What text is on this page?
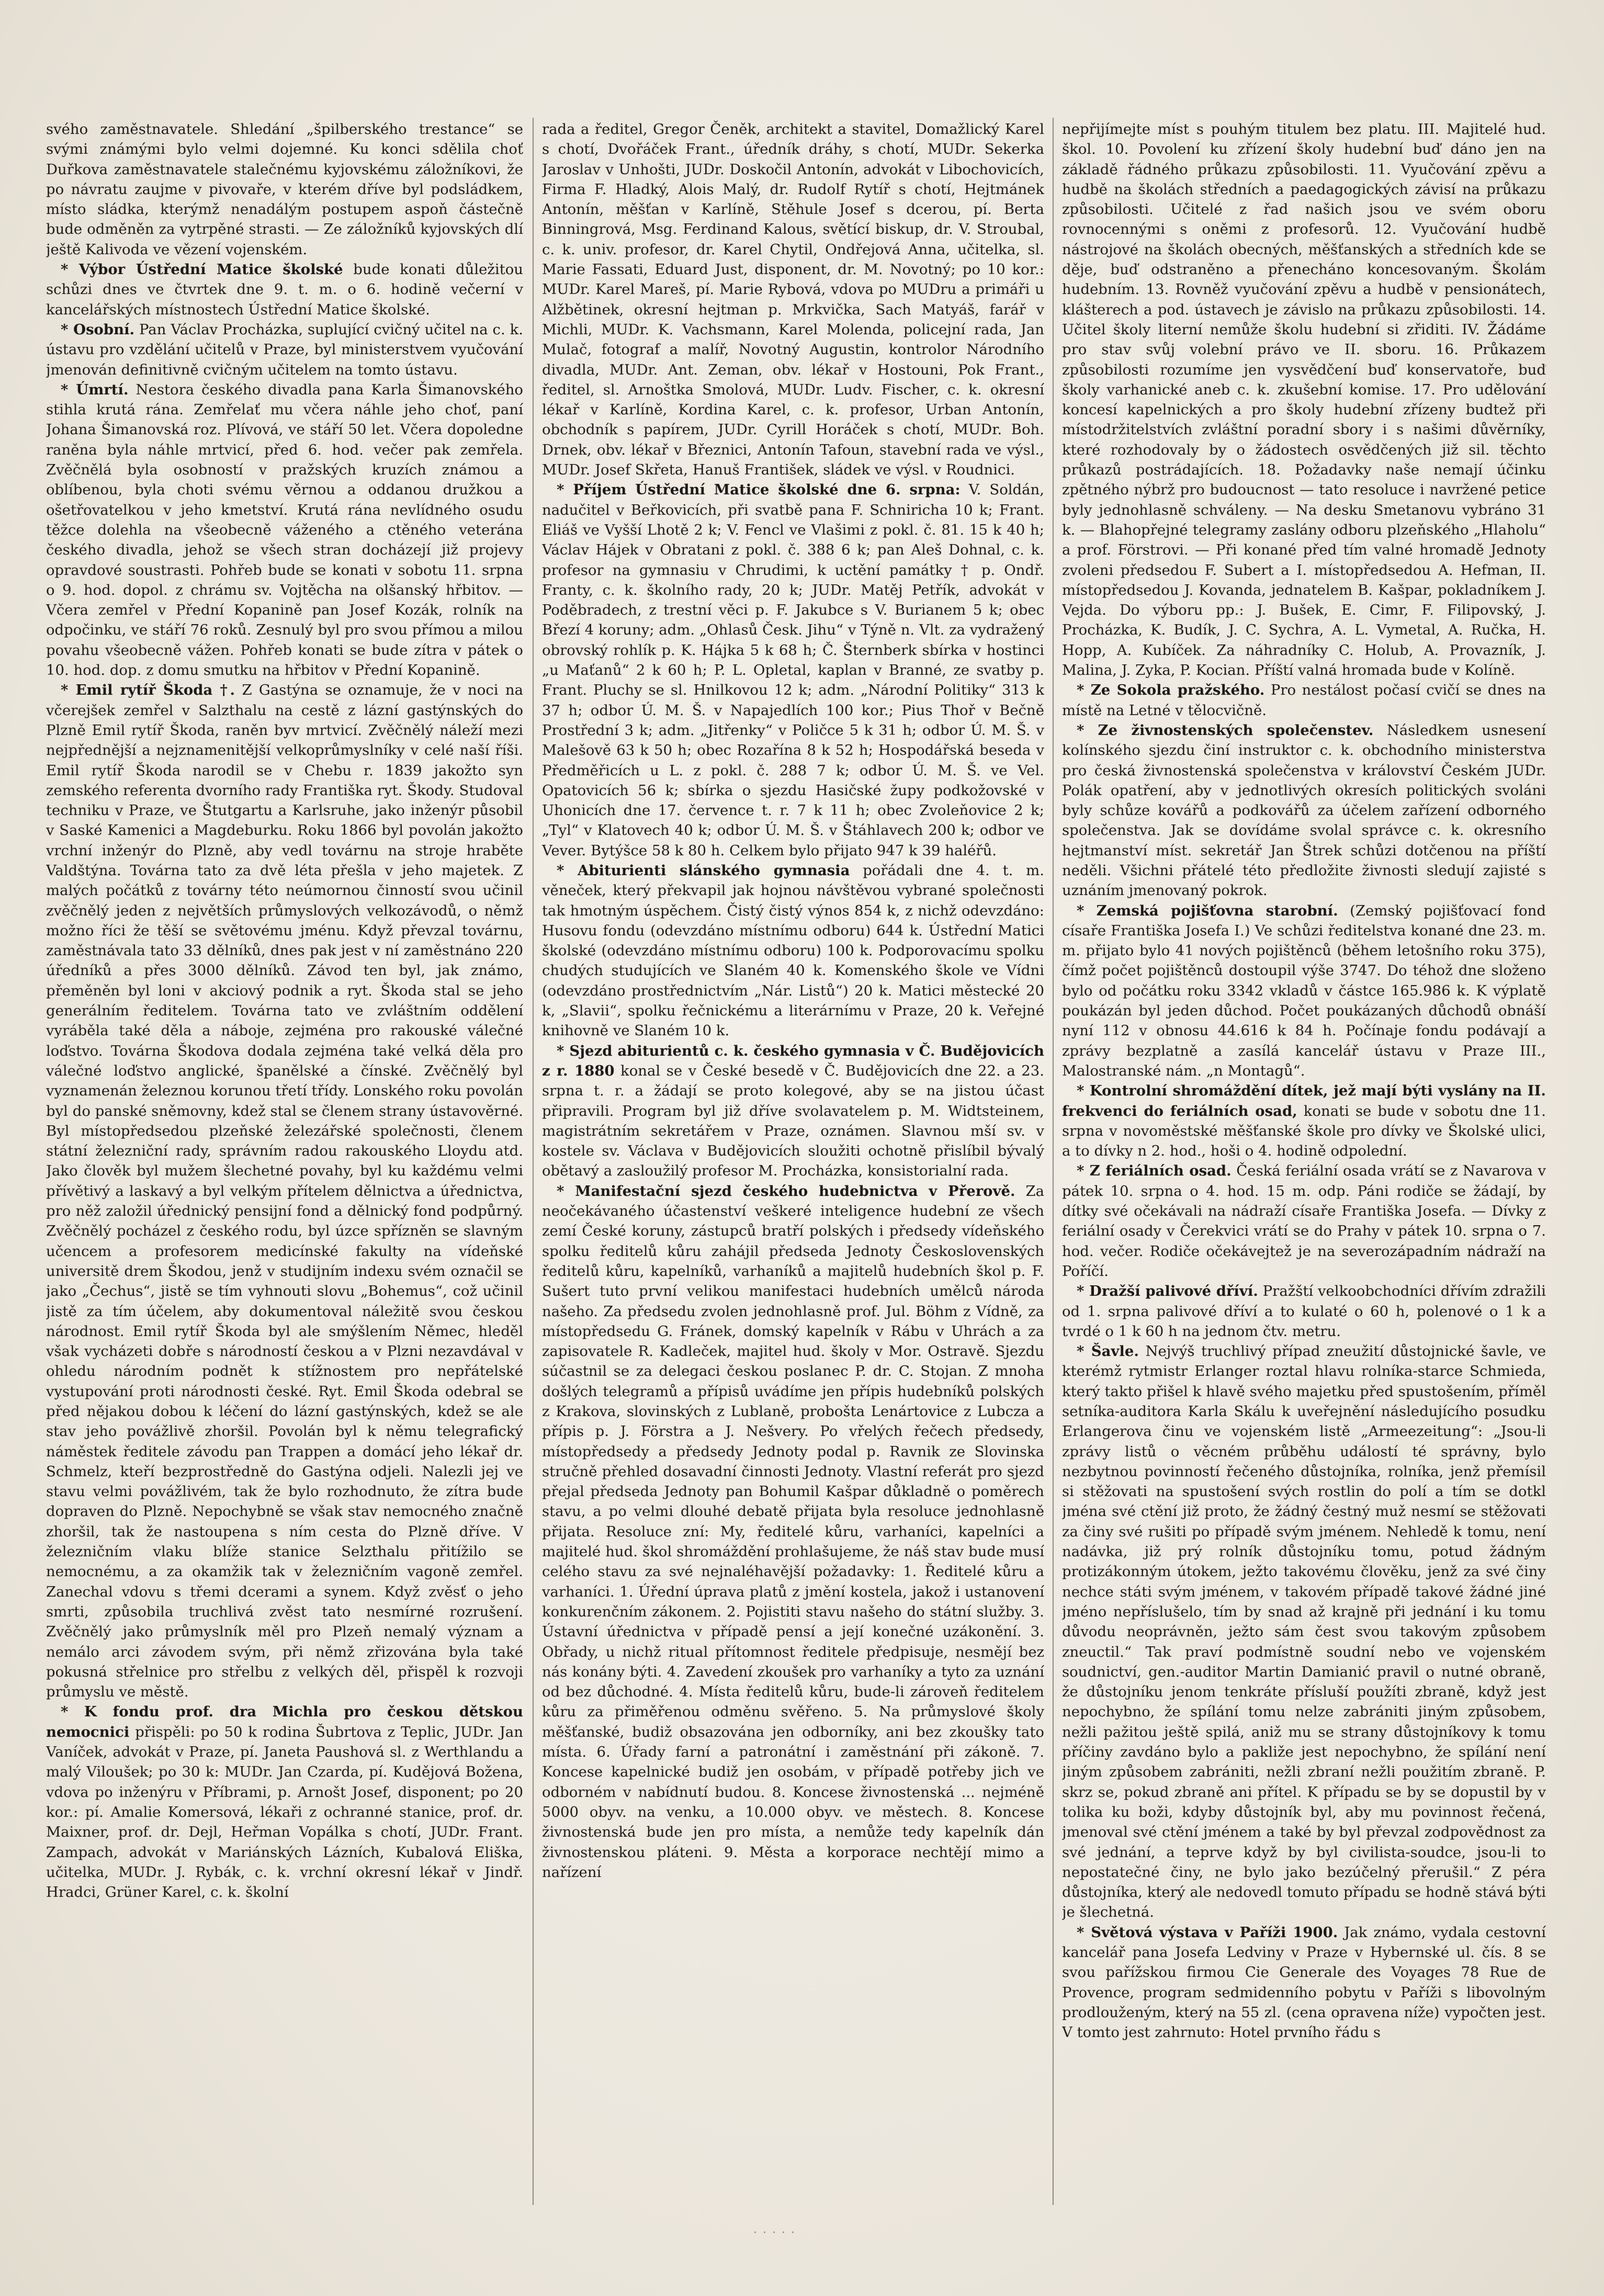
svého zaměstnavatele. Shledání „špilberského trestance“ se svými známými bylo velmi dojemné. Ku konci sdělila choť Duřkova zaměstnavatele stalečnému kyjovskému záložníkovi, že po návratu zaujme v pivovaře, v kterém dříve byl podsládkem, místo sládka, kterýmž nenadálým postupem aspoň částečně bude odměněn za vytrpěné strasti. — Ze záložníků kyjovských dlí ještě Kalivoda ve vězení vojenském.

* Výbor Ústřední Matice školské bude konati důležitou schůzi dnes ve čtvrtek dne 9. t. m. o 6. hodině večerní v kancelářských místnostech Ústřední Matice školské.

* Osobní. Pan Václav Procházka, suplující cvičný učitel na c. k. ústavu pro vzdělání učitelů v Praze, byl ministerstvem vyučování jmenován definitivně cvičným učitelem na tomto ústavu.

* Úmrtí. Nestora českého divadla pana Karla Šimanovského stihla krutá rána. Zemřelať mu včera náhle jeho choť, paní Johana Šimanovská roz. Plívová, ve stáří 50 let. Včera dopoledne raněna byla náhle mrtvicí, před 6. hod. večer pak zemřela. Zvěčnělá byla osobností v pražských kruzích známou a oblíbenou, byla choti svému věrnou a oddanou družkou a ošetřovatelkou v jeho kmetství. Krutá rána nevlídného osudu těžce dolehla na všeobecně váženého a ctěného veterána českého divadla, jehož se všech stran docházejí již projevy opravdové soustrasti. Pohřeb bude se konati v sobotu 11. srpna o 9. hod. dopol. z chrámu sv. Vojtěcha na olšanský hřbitov. — Včera zemřel v Přední Kopanině pan Josef Kozák, rolník na odpočinku, ve stáří 76 roků. Zesnulý byl pro svou přímou a milou povahu všeobecně vážen. Pohřeb konati se bude zítra v pátek o 10. hod. dop. z domu smutku na hřbitov v Přední Kopanině.

* Emil rytíř Škoda †. Z Gastýna se oznamuje, že v noci na včerejšek zemřel v Salzthalu na cestě z lázní gastýnských do Plzně Emil rytíř Škoda, raněn byv mrtvicí. Zvěčnělý náleží mezi nejpřednější a nejznamenitější velkoprůmyslníky v celé naší říši. Emil rytíř Škoda narodil se v Chebu r. 1839 jakožto syn zemského referenta dvorního rady Františka ryt. Škody. Studoval techniku v Praze, ve Štutgartu a Karlsruhe, jako inženýr působil v Saské Kamenici a Magdeburku. Roku 1866 byl povolán jakožto vrchní inženýr do Plzně, aby vedl továrnu na stroje hraběte Valdštýna. Továrna tato za dvě léta přešla v jeho majetek. Z malých počátků z továrny této neúmornou činností svou učinil zvěčnělý jeden z největších průmyslových velkozávodů, o němž možno říci že těší se světovému jménu. Když převzal továrnu, zaměstnávala tato 33 dělníků, dnes pak jest v ní zaměstnáno 220 úředníků a přes 3000 dělníků. Závod ten byl, jak známo, přeměněn byl loni v akciový podnik a ryt. Škoda stal se jeho generálním ředitelem. Továrna tato ve zvláštním oddělení vyráběla také děla a náboje, zejména pro rakouské válečné loďstvo. Továrna Škodova dodala zejména také velká děla pro válečné loďstvo anglické, španělské a čínské. Zvěčnělý byl vyznamenán železnou korunou třetí třídy. Lonského roku povolán byl do panské sněmovny, kdež stal se členem strany ústavověrné. Byl místopředsedou plzeňské železářské společnosti, členem státní železniční rady, správním radou rakouského Lloydu atd. Jako člověk byl mužem šlechetné povahy, byl ku každému velmi přívětivý a laskavý a byl velkým přítelem dělnictva a úřednictva, pro něž založil úřednický pensijní fond a dělnický fond podpůrný. Zvěčnělý pocházel z českého rodu, byl úzce spřízněn se slavným učencem a profesorem medicínské fakulty na vídeňské universitě drem Škodou, jenž v studijním indexu svém označil se jako „Čechus“, jistě se tím vyhnouti slovu „Bohemus“, což učinil jistě za tím účelem, aby dokumentoval náležitě svou českou národnost. Emil rytíř Škoda byl ale smýšlením Němec, hleděl však vycházeti dobře s národností českou a v Plzni nezavdával v ohledu národním podnět k stížnostem pro nepřátelské vystupování proti národnosti české. Ryt. Emil Škoda odebral se před nějakou dobou k léčení do lázní gastýnských, kdež se ale stav jeho povážlivě zhoršil. Povolán byl k němu telegrafický náměstek ředitele závodu pan Trappen a domácí jeho lékař dr. Schmelz, kteří bezprostředně do Gastýna odjeli. Nalezli jej ve stavu velmi povážlivém, tak že bylo rozhodnuto, že zítra bude dopraven do Plzně. Nepochybně se však stav nemocného značně zhoršil, tak že nastoupena s ním cesta do Plzně dříve. V železničním vlaku blíže stanice Selzthalu přitížilo se nemocnému, a za okamžik tak v železničním vagoně zemřel. Zanechal vdovu s třemi dcerami a synem. Když zvěsť o jeho smrti, způsobila truchlivá zvěst tato nesmírné rozrušení. Zvěčnělý jako průmyslník měl pro Plzeň nemalý význam a nemálo arci závodem svým, při němž zřizována byla také pokusná střelnice pro střelbu z velkých děl, přispěl k rozvoji průmyslu ve městě.

* K fondu prof. dra Michla pro českou dětskou nemocnici přispěli: po 50 k rodina Šubrtova z Teplic, JUDr. Jan Vaníček, advokát v Praze, pí. Janeta Paushová sl. z Werthlandu a malý Viloušek; po 30 k: MUDr. Jan Czarda, pí. Kudějová Božena, vdova po inženýru v Příbrami, p. Arnošt Josef, disponent; po 20 kor.: pí. Amalie Komersová, lékaři z ochranné stanice, prof. dr. Maixner, prof. dr. Dejl, Heřman Vopálka s chotí, JUDr. Frant. Zampach, advokát v Mariánských Lázních, Kubalová Eliška, učitelka, MUDr. J. Rybák, c. k. vrchní okresní lékař v Jindř. Hradci, Grüner Karel, c. k. školní

rada a ředitel, Gregor Čeněk, architekt a stavitel, Domažlický Karel s chotí, Dvořáček Frant., úředník dráhy, s chotí, MUDr. Sekerka Jaroslav v Unhošti, JUDr. Doskočil Antonín, advokát v Libochovicích, Firma F. Hladký, Alois Malý, dr. Rudolf Rytíř s chotí, Hejtmánek Antonín, měšťan v Karlíně, Stěhule Josef s dcerou, pí. Berta Binningrová, Msg. Ferdinand Kalous, světící biskup, dr. V. Stroubal, c. k. univ. profesor, dr. Karel Chytil, Ondřejová Anna, učitelka, sl. Marie Fassati, Eduard Just, disponent, dr. M. Novotný; po 10 kor.: MUDr. Karel Mareš, pí. Marie Rybová, vdova po MUDru a primáři u Alžbětinek, okresní hejtman p. Mrkvička, Sach Matyáš, farář v Michli, MUDr. K. Vachsmann, Karel Molenda, policejní rada, Jan Mulač, fotograf a malíř, Novotný Augustin, kontrolor Národního divadla, MUDr. Ant. Zeman, obv. lékař v Hostouni, Pok Frant., ředitel, sl. Arnoštka Smolová, MUDr. Ludv. Fischer, c. k. okresní lékař v Karlíně, Kordina Karel, c. k. profesor, Urban Antonín, obchodník s papírem, JUDr. Cyrill Horáček s chotí, MUDr. Boh. Drnek, obv. lékař v Březnici, Antonín Tafoun, stavební rada ve výsl., MUDr. Josef Skřeta, Hanuš František, sládek ve výsl. v Roudnici.

* Příjem Ústřední Matice školské dne 6. srpna: V. Soldán, nadučitel v Beřkovicích, při svatbě pana F. Schnirichа 10 k; Frant. Eliáš ve Vyšší Lhotě 2 k; V. Fencl ve Vlašimi z pokl. č. 81. 15 k 40 h; Václav Hájek v Obratani z pokl. č. 388 6 k; pan Aleš Dohnal, c. k. profesor na gymnasiu v Chrudimi, k uctění památky † p. Ondř. Franty, c. k. školního rady, 20 k; JUDr. Matěj Petřík, advokát v Poděbradech, z trestní věci p. F. Jakubce s V. Burianem 5 k; obec Březí 4 koruny; adm. „Ohlasů Česk. Jihu“ v Týně n. Vlt. za vydražený obrovský rohlík p. K. Hájka 5 k 68 h; Č. Šternberk sbírka v hostinci „u Maťanů“ 2 k 60 h; P. L. Opletal, kaplan v Branné, ze svatby p. Frant. Pluchy se sl. Hnilkovou 12 k; adm. „Národní Politiky“ 313 k 37 h; odbor Ú. M. Š. v Napajedlích 100 kor.; Pius Thoř v Bečně Prostřední 3 k; adm. „Jitřenky“ v Poličce 5 k 31 h; odbor Ú. M. Š. v Malešově 63 k 50 h; obec Rozařína 8 k 52 h; Hospodářská beseda v Předměřicích u L. z pokl. č. 288 7 k; odbor Ú. M. Š. ve Vel. Opatovicích 56 k; sbírka o sjezdu Hasičské župy podkožovské v Uhonicích dne 17. července t. r. 7 k 11 h; obec Zvoleňovice 2 k; „Tyl“ v Klatovech 40 k; odbor Ú. M. Š. v Štáhlavech 200 k; odbor ve Vever. Bytýšce 58 k 80 h. Celkem bylo přijato 947 k 39 haléřů.

* Abiturienti slánského gymnasia pořádali dne 4. t. m. věneček, který překvapil jak hojnou návštěvou vybrané společnosti tak hmotným úspěchem. Čistý čistý výnos 854 k, z nichž odevzdáno: Husovu fondu (odevzdáno místnímu odboru) 644 k. Ústřední Matici školské (odevzdáno místnímu odboru) 100 k. Podporovacímu spolku chudých studujících ve Slaném 40 k. Komenského škole ve Vídni (odevzdáno prostřednictvím „Nár. Listů“) 20 k. Matici městecké 20 k, „Slavii“, spolku řečnickému a literárnímu v Praze, 20 k. Veřejné knihovně ve Slaném 10 k.

* Sjezd abiturientů c. k. českého gymnasia v Č. Budějovicích z r. 1880 konal se v České besedě v Č. Budějovicích dne 22. a 23. srpna t. r. a žádají se proto kolegové, aby se na jistou účast připravili. Program byl již dříve svolavatelem p. M. Widtsteinem, magistrátním sekretářem v Praze, oznámen. Slavnou mší sv. v kostele sv. Václava v Budějovicích sloužiti ochotně přislíbil bývalý obětavý a zasloužilý profesor M. Procházka, konsistorialní rada.

* Manifestační sjezd českého hudebnictva v Přerově. Za neočekávaného účastenství veškeré inteligence hudební ze všech zemí České koruny, zástupců bratří polských i předsedy vídeňského spolku ředitelů kůru zahájil předseda Jednoty Československých ředitelů kůru, kapelníků, varhaníků a majitelů hudebních škol p. F. Sušert tuto první velikou manifestaci hudebních umělců národa našeho. Za předsedu zvolen jednohlasně prof. Jul. Böhm z Vídně, za místopředsedu G. Fránek, domský kapelník v Rábu v Uhrách a za zapisovatele R. Kadleček, majitel hud. školy v Mor. Ostravě. Sjezdu súčastnil se za delegaci českou poslanec P. dr. C. Stojan. Z mnoha došlých telegramů a přípisů uvádíme jen přípis hudebníků polských z Krakova, slovinských z Lublaně, probošta Lenártovice z Lubcza a přípis p. J. Förstra a J. Nešvery. Po vřelých řečech předsedy, místopředsedy a předsedy Jednoty podal p. Ravnik ze Slovinska stručně přehled dosavadní činnosti Jednoty. Vlastní referát pro sjezd přejal předseda Jednoty pan Bohumil Kašpar důkladně o poměrech stavu, a po velmi dlouhé debatě přijata byla resoluce jednohlasně přijata. Resoluce zní: My, ředitelé kůru, varhaníci, kapelníci a majitelé hud. škol shromáždění prohlašujeme, že náš stav bude musí celého stavu za své nejnaléhavější požadavky: 1. Ředitelé kůru a varhaníci. 1. Úřední úprava platů z jmění kostela, jakož i ustanovení konkurenčním zákonem. 2. Pojistiti stavu našeho do státní služby. 3. Ústavní úřednictva v případě pensí a její konečné uzákonění. 3. Obřady, u nichž ritual přítomnost ředitele předpisuje, nesmějí bez nás konány býti. 4. Zavedení zkoušek pro varhaníky a tyto za uznání od bez důchodné. 4. Místa ředitelů kůru, bude-li zároveň ředitelem kůru za přiměřenou odměnu svěřeno. 5. Na průmyslové školy měšťanské, budiž obsazována jen odborníky, ani bez zkoušky tato místa. 6. Úřady farní a patronátní i zaměstnání při zákoně. 7. Koncese kapelnické budiž jen osobám, v případě potřeby jich ve odborném v nabídnutí budou. 8. Koncese živnostenská ... nejméně 5000 obyv. na venku, a 10.000 obyv. ve městech. 8. Koncese živnostenská bude jen pro místa, a nemůže tedy kapelník dán živnostenskou pláteni. 9. Města a korporace nechtějí mimo a nařízení

nepřijímejte míst s pouhým titulem bez platu. III. Majitelé hud. škol. 10. Povolení ku zřízení školy hudební buď dáno jen na základě řádného průkazu způsobilosti. 11. Vyučování zpěvu a hudbě na školách středních a paedagogických závisí na průkazu způsobilosti. Učitelé z řad našich jsou ve svém oboru rovnocennými s oněmi z profesorů. 12. Vyučování hudbě nástrojové na školách obecných, měšťanských a středních kde se děje, buď odstraněno a přenecháno koncesovaným. Školám hudebním. 13. Rovněž vyučování zpěvu a hudbě v pensionátech, klášterech a pod. ústavech je závislo na průkazu způsobilosti. 14. Učitel školy literní nemůže školu hudební si zřiditi. IV. Žádáme pro stav svůj volební právo ve II. sboru. 16. Průkazem způsobilosti rozumíme jen vysvědčení buď konservatoře, buď školy varhanické aneb c. k. zkušební komise. 17. Pro udělování koncesí kapelnických a pro školy hudební zřízeny budtež při místodržitelstvích zvláštní poradní sbory i s našimi důvěrníky, které rozhodovaly by o žádostech osvědčených již sil. těchto průkazů postrádajících. 18. Požadavky naše nemají účinku zpětného nýbrž pro budoucnost — tato resoluce i navržené petice byly jednohlasně schváleny. — Na desku Smetanovu vybráno 31 k. — Blahopřejné telegramy zaslány odboru plzeňského „Hlaholu“ a prof. Förstrovi. — Při konané před tím valné hromadě Jednoty zvoleni předsedou F. Subert a I. místopředsedou A. Hefman, II. místopředsedou J. Kovanda, jednatelem B. Kašpar, pokladníkem J. Vejda. Do výboru pp.: J. Bušek, E. Cimr, F. Filipovský, J. Procházka, K. Budík, J. C. Sychra, A. L. Vymetal, A. Ručka, H. Hopp, A. Kubíček. Za náhradníky C. Holub, A. Provazník, J. Malina, J. Zyka, P. Kocian. Příští valná hromada bude v Kolíně.

* Ze Sokola pražského. Pro nestálost počasí cvičí se dnes na místě na Letné v tělocvičně.

* Ze živnostenských společenstev. Následkem usnesení kolínského sjezdu činí instruktor c. k. obchodního ministerstva pro česká živnostenská společenstva v království Českém JUDr. Polák opatření, aby v jednotlivých okresích politických svoláni byly schůze kovářů a podkovářů za účelem zařízení odborného společenstva. Jak se dovídáme svolal správce c. k. okresního hejtmanství míst. sekretář Jan Štrek schůzi dotčenou na příští neděli. Všichni přátelé této předložite živnosti sledují zajisté s uznáním jmenovaný pokrok.

* Zemská pojišťovna starobní. (Zemský pojišťovací fond císaře Františka Josefa I.) Ve schůzi ředitelstva konané dne 23. m. m. přijato bylo 41 nových pojištěnců (během letošního roku 375), čímž počet pojištěnců dostoupil výše 3747. Do téhož dne složeno bylo od počátku roku 3342 vkladů v částce 165.986 k. K výplatě poukázán byl jeden důchod. Počet poukázaných důchodů obnáší nyní 112 v obnosu 44.616 k 84 h. Počínaje fondu podávají a zprávy bezplatně a zasílá kancelář ústavu v Praze III., Malostranské nám. „n Montagů“.

* Kontrolní shromáždění dítek, jež mají býti vyslány na II. frekvenci do feriálních osad, konati se bude v sobotu dne 11. srpna v novoměstské měšťanské škole pro dívky ve Školské ulici, a to dívky n 2. hod., hoši o 4. hodině odpolední.

* Z feriálních osad. Česká feriální osada vrátí se z Navarova v pátek 10. srpna o 4. hod. 15 m. odp. Páni rodiče se žádají, by dítky své očekávali na nádraží císaře Františka Josefa. — Dívky z feriální osady v Čerekvici vrátí se do Prahy v pátek 10. srpna o 7. hod. večer. Rodiče očekávejtež je na severozápadním nádraží na Poříčí.

* Dražší palivové dříví. Pražští velkoobchodníci dřívím zdražili od 1. srpna palivové dříví a to kulaté o 60 h, polenové o 1 k a tvrdé o 1 k 60 h na jednom čtv. metru.

* Šavle. Nejvýš truchlivý případ zneužití důstojnické šavle, ve kterémž rytmistr Erlanger roztal hlavu rolníka-starce Schmieda, který takto přišel k hlavě svého majetku před spustošením, příměl setníka-auditora Karla Skálu k uveřejnění následujícího posudku Erlangerova činu ve vojenském listě „Armeezeitung“: „Jsou-li zprávy listů o věcném průběhu událostí té správny, bylo nezbytnou povinností řečeného důstojníka, rolníka, jenž přemísil si stěžovati na spustošení svých rostlin do polí a tím se dotkl jména své ctění již proto, že žádný čestný muž nesmí se stěžovati za činy své rušiti po případě svým jménem. Nehledě k tomu, není nadávka, již prý rolník důstojníku tomu, potud žádným protizákonným útokem, ježto takovému člověku, jenž za své činy nechce státi svým jménem, v takovém případě takové žádné jiné jméno nepříslušelo, tím by snad až krajně při jednání i ku tomu důvodu neoprávněn, ježto sám čest svou takovým způsobem zneuctil.“ Tak praví podmístně soudní nebo ve vojenském soudnictví, gen.-auditor Martin Damianić pravil o nutné obraně, že důstojníku jenom tenkráte přísluší použíti zbraně, když jest nepochybno, že spílání tomu nelze zabrániti jiným způsobem, nežli pažitou ještě spilá, aniž mu se strany důstojníkovy k tomu příčiny zavdáno bylo a pakliže jest nepochybno, že spílání není jiným způsobem zabrániti, nežli zbraní nežli použitím zbraně. P. skrz se, pokud zbraně ani přítel. K případu se by se dopustil by v tolika ku boži, kdyby důstojník byl, aby mu povinnost řečená, jmenoval své ctění jménem a také by byl převzal zodpovědnost za své jednání, a teprve když by byl civilista-soudce, jsou-li to nepostatečné činy, ne bylo jako bezúčelný přerušil.“ Z péra důstojníka, který ale nedovedl tomuto případu se hodně stává býti je šlechetná.

* Světová výstava v Paříži 1900. Jak známo, vydala cestovní kancelář pana Josefa Ledviny v Praze v Hybernské ul. čís. 8 se svou pařížskou firmou Cie Generale des Voyages 78 Rue de Provence, program sedmidenního pobytu v Paříži s libovolným prodlouženým, který na 55 zl. (cena opravena níže) vypočten jest. V tomto jest zahrnuto: Hotel prvního řádu s

· · · · ·
